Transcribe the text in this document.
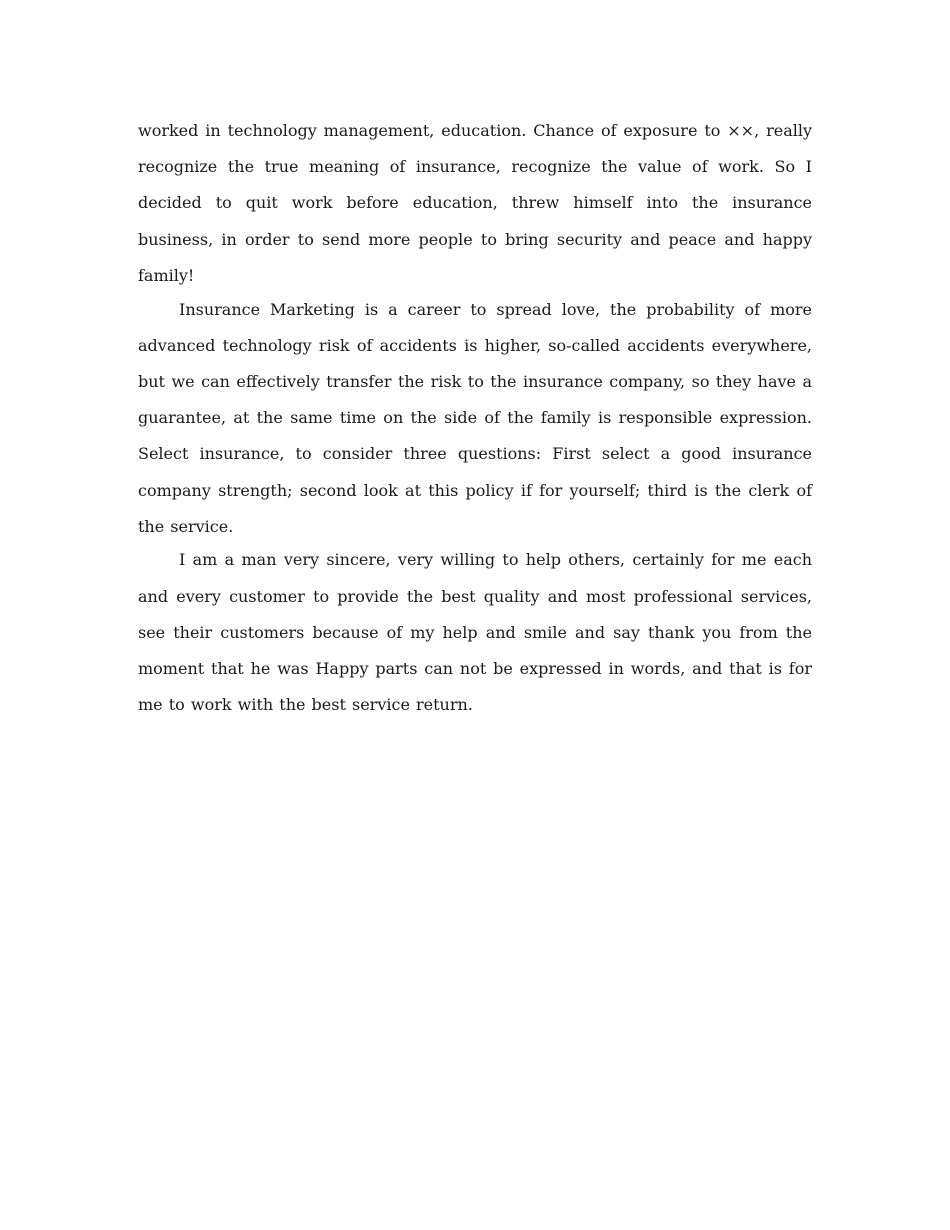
worked in technology management, education. Chance of exposure to ××, really recognize the true meaning of insurance, recognize the value of work. So I decided to quit work before education, threw himself into the insurance business, in order to send more people to bring security and peace and happy family!

Insurance Marketing is a career to spread love, the probability of more advanced technology risk of accidents is higher, so-called accidents everywhere, but we can effectively transfer the risk to the insurance company, so they have a guarantee, at the same time on the side of the family is responsible expression. Select insurance, to consider three questions: First select a good insurance company strength; second look at this policy if for yourself; third is the clerk of the service.

I am a man very sincere, very willing to help others, certainly for me each and every customer to provide the best quality and most professional services, see their customers because of my help and smile and say thank you from the moment that he was Happy parts can not be expressed in words, and that is for me to work with the best service return.
